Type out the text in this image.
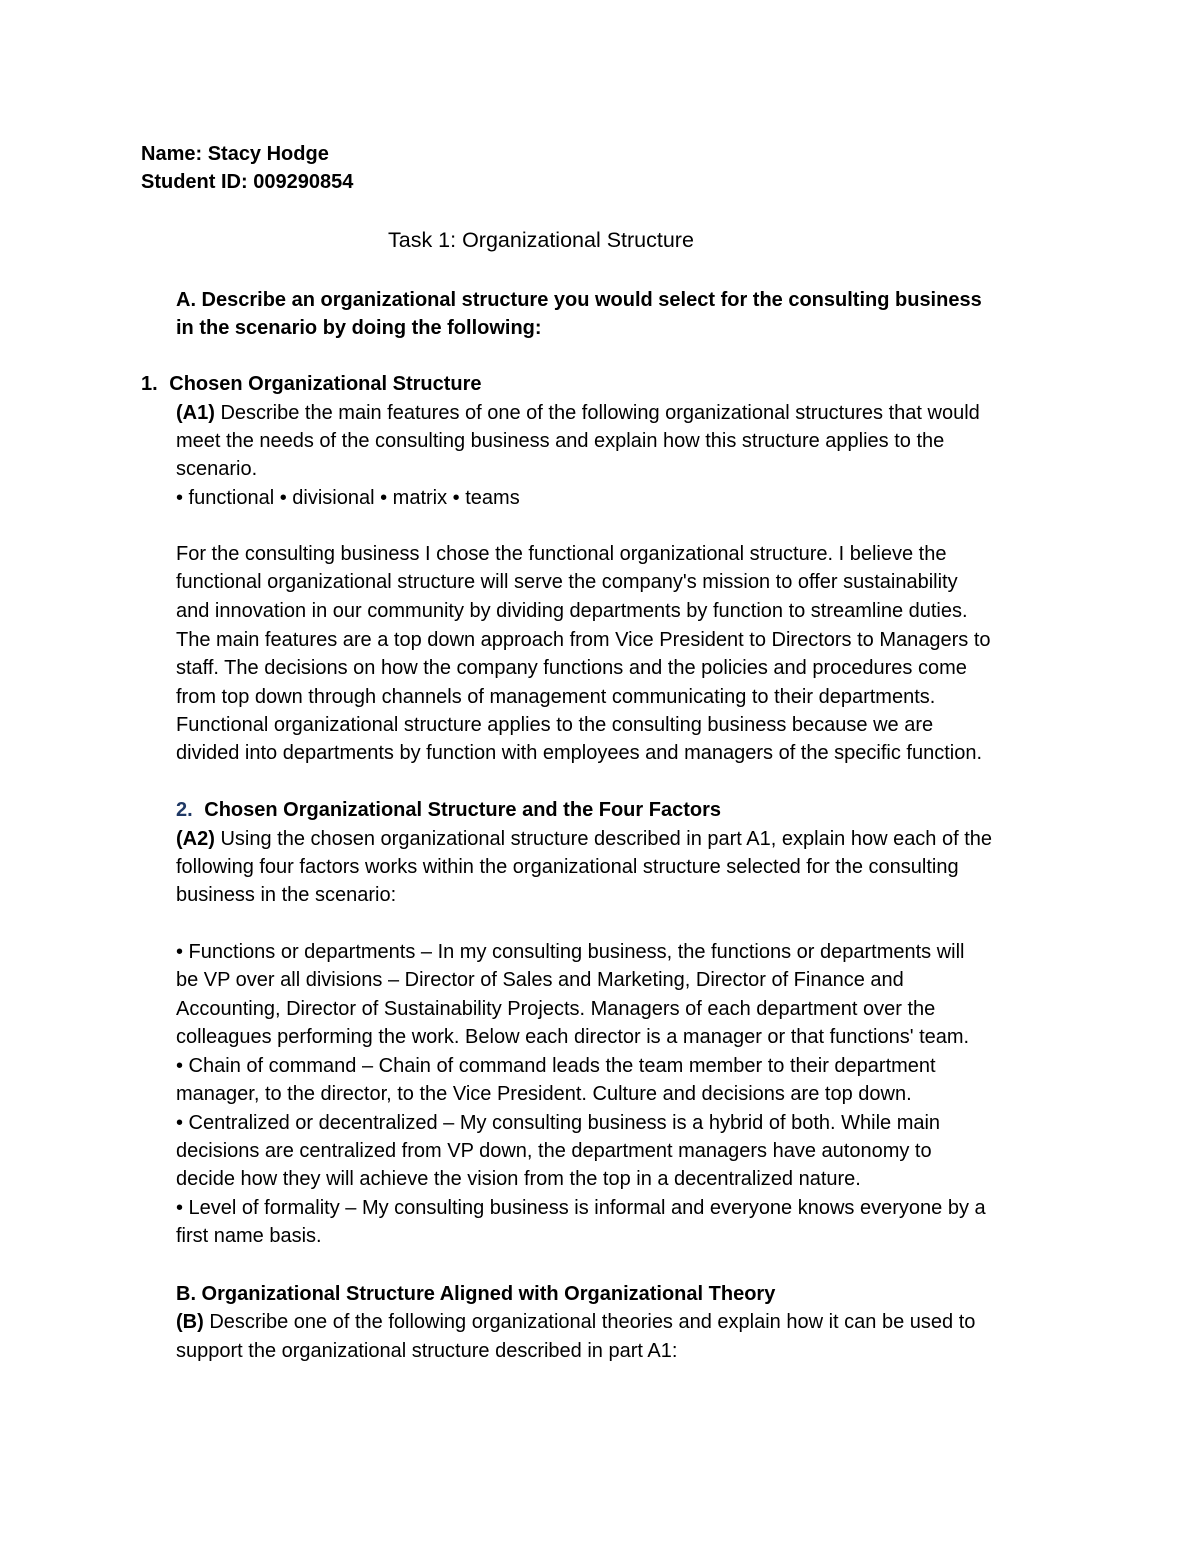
Name: Stacy Hodge
Student ID: 009290854
Task 1: Organizational Structure
A. Describe an organizational structure you would select for the consulting business
in the scenario by doing the following:
1. Chosen Organizational Structure
(A1) Describe the main features of one of the following organizational structures that would
meet the needs of the consulting business and explain how this structure applies to the
scenario.
• functional • divisional • matrix • teams
For the consulting business I chose the functional organizational structure. I believe the
functional organizational structure will serve the company's mission to offer sustainability
and innovation in our community by dividing departments by function to streamline duties.
The main features are a top down approach from Vice President to Directors to Managers to
staff. The decisions on how the company functions and the policies and procedures come
from top down through channels of management communicating to their departments.
Functional organizational structure applies to the consulting business because we are
divided into departments by function with employees and managers of the specific function.
2. Chosen Organizational Structure and the Four Factors
(A2) Using the chosen organizational structure described in part A1, explain how each of the
following four factors works within the organizational structure selected for the consulting
business in the scenario:
• Functions or departments – In my consulting business, the functions or departments will
be VP over all divisions – Director of Sales and Marketing, Director of Finance and
Accounting, Director of Sustainability Projects. Managers of each department over the
colleagues performing the work. Below each director is a manager or that functions' team.
• Chain of command – Chain of command leads the team member to their department
manager, to the director, to the Vice President. Culture and decisions are top down.
• Centralized or decentralized – My consulting business is a hybrid of both. While main
decisions are centralized from VP down, the department managers have autonomy to
decide how they will achieve the vision from the top in a decentralized nature.
• Level of formality – My consulting business is informal and everyone knows everyone by a
first name basis.
B. Organizational Structure Aligned with Organizational Theory
(B) Describe one of the following organizational theories and explain how it can be used to
support the organizational structure described in part A1:
